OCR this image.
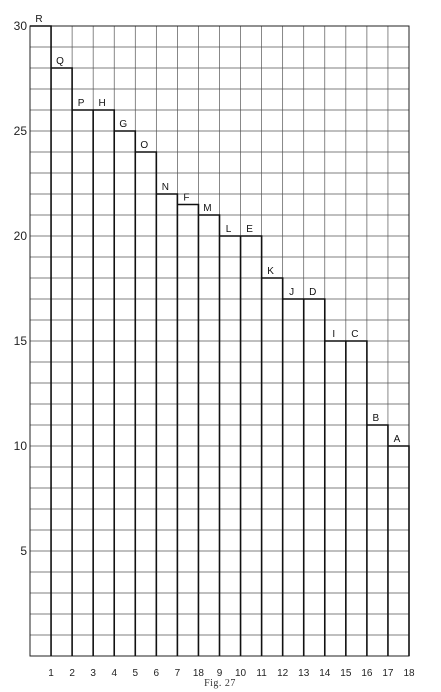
1 2 3 4 5 6 7 18 9 10 11 12 13 14 15 16 17 18
5
10
15
20
25
30 R
Q
P H
G
O
N
F
M
L E
K
J D
I C
B
A
Fig. 27
